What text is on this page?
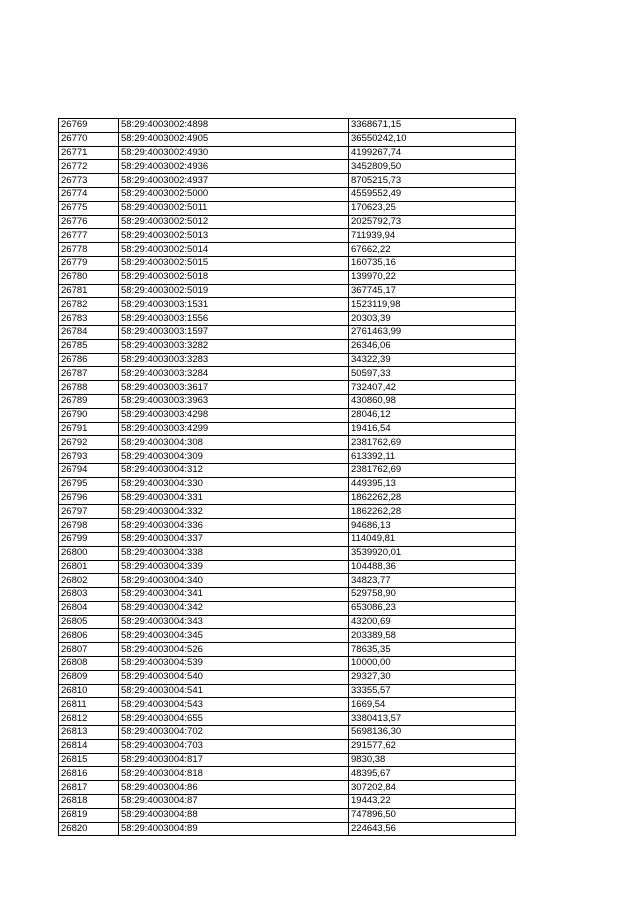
26769	58:29:4003002:4898	3368671,15
26770	58:29:4003002:4905	36550242,10
26771	58:29:4003002:4930	4199267,74
26772	58:29:4003002:4936	3452809,50
26773	58:29:4003002:4937	8705215,73
26774	58:29:4003002:5000	4559552,49
26775	58:29:4003002:5011	170623,25
26776	58:29:4003002:5012	2025792,73
26777	58:29:4003002:5013	711939,94
26778	58:29:4003002:5014	67662,22
26779	58:29:4003002:5015	160735,16
26780	58:29:4003002:5018	139970,22
26781	58:29:4003002:5019	367745,17
26782	58:29:4003003:1531	1523119,98
26783	58:29:4003003:1556	20303,39
26784	58:29:4003003:1597	2761463,99
26785	58:29:4003003:3282	26346,06
26786	58:29:4003003:3283	34322,39
26787	58:29:4003003:3284	50597,33
26788	58:29:4003003:3617	732407,42
26789	58:29:4003003:3963	430860,98
26790	58:29:4003003:4298	28046,12
26791	58:29:4003003:4299	19416,54
26792	58:29:4003004:308	2381762,69
26793	58:29:4003004:309	613392,11
26794	58:29:4003004:312	2381762,69
26795	58:29:4003004:330	449395,13
26796	58:29:4003004:331	1862262,28
26797	58:29:4003004:332	1862262,28
26798	58:29:4003004:336	94686,13
26799	58:29:4003004:337	114049,81
26800	58:29:4003004:338	3539920,01
26801	58:29:4003004:339	104488,36
26802	58:29:4003004:340	34823,77
26803	58:29:4003004:341	529758,90
26804	58:29:4003004:342	653086,23
26805	58:29:4003004:343	43200,69
26806	58:29:4003004:345	203389,58
26807	58:29:4003004:526	78635,35
26808	58:29:4003004:539	10000,00
26809	58:29:4003004:540	29327,30
26810	58:29:4003004:541	33355,57
26811	58:29:4003004:543	1669,54
26812	58:29:4003004:655	3380413,57
26813	58:29:4003004:702	5698136,30
26814	58:29:4003004:703	291577,62
26815	58:29:4003004:817	9830,38
26816	58:29:4003004:818	48395,67
26817	58:29:4003004:86	307202,84
26818	58:29:4003004:87	19443,22
26819	58:29:4003004:88	747896,50
26820	58:29:4003004:89	224643,56
